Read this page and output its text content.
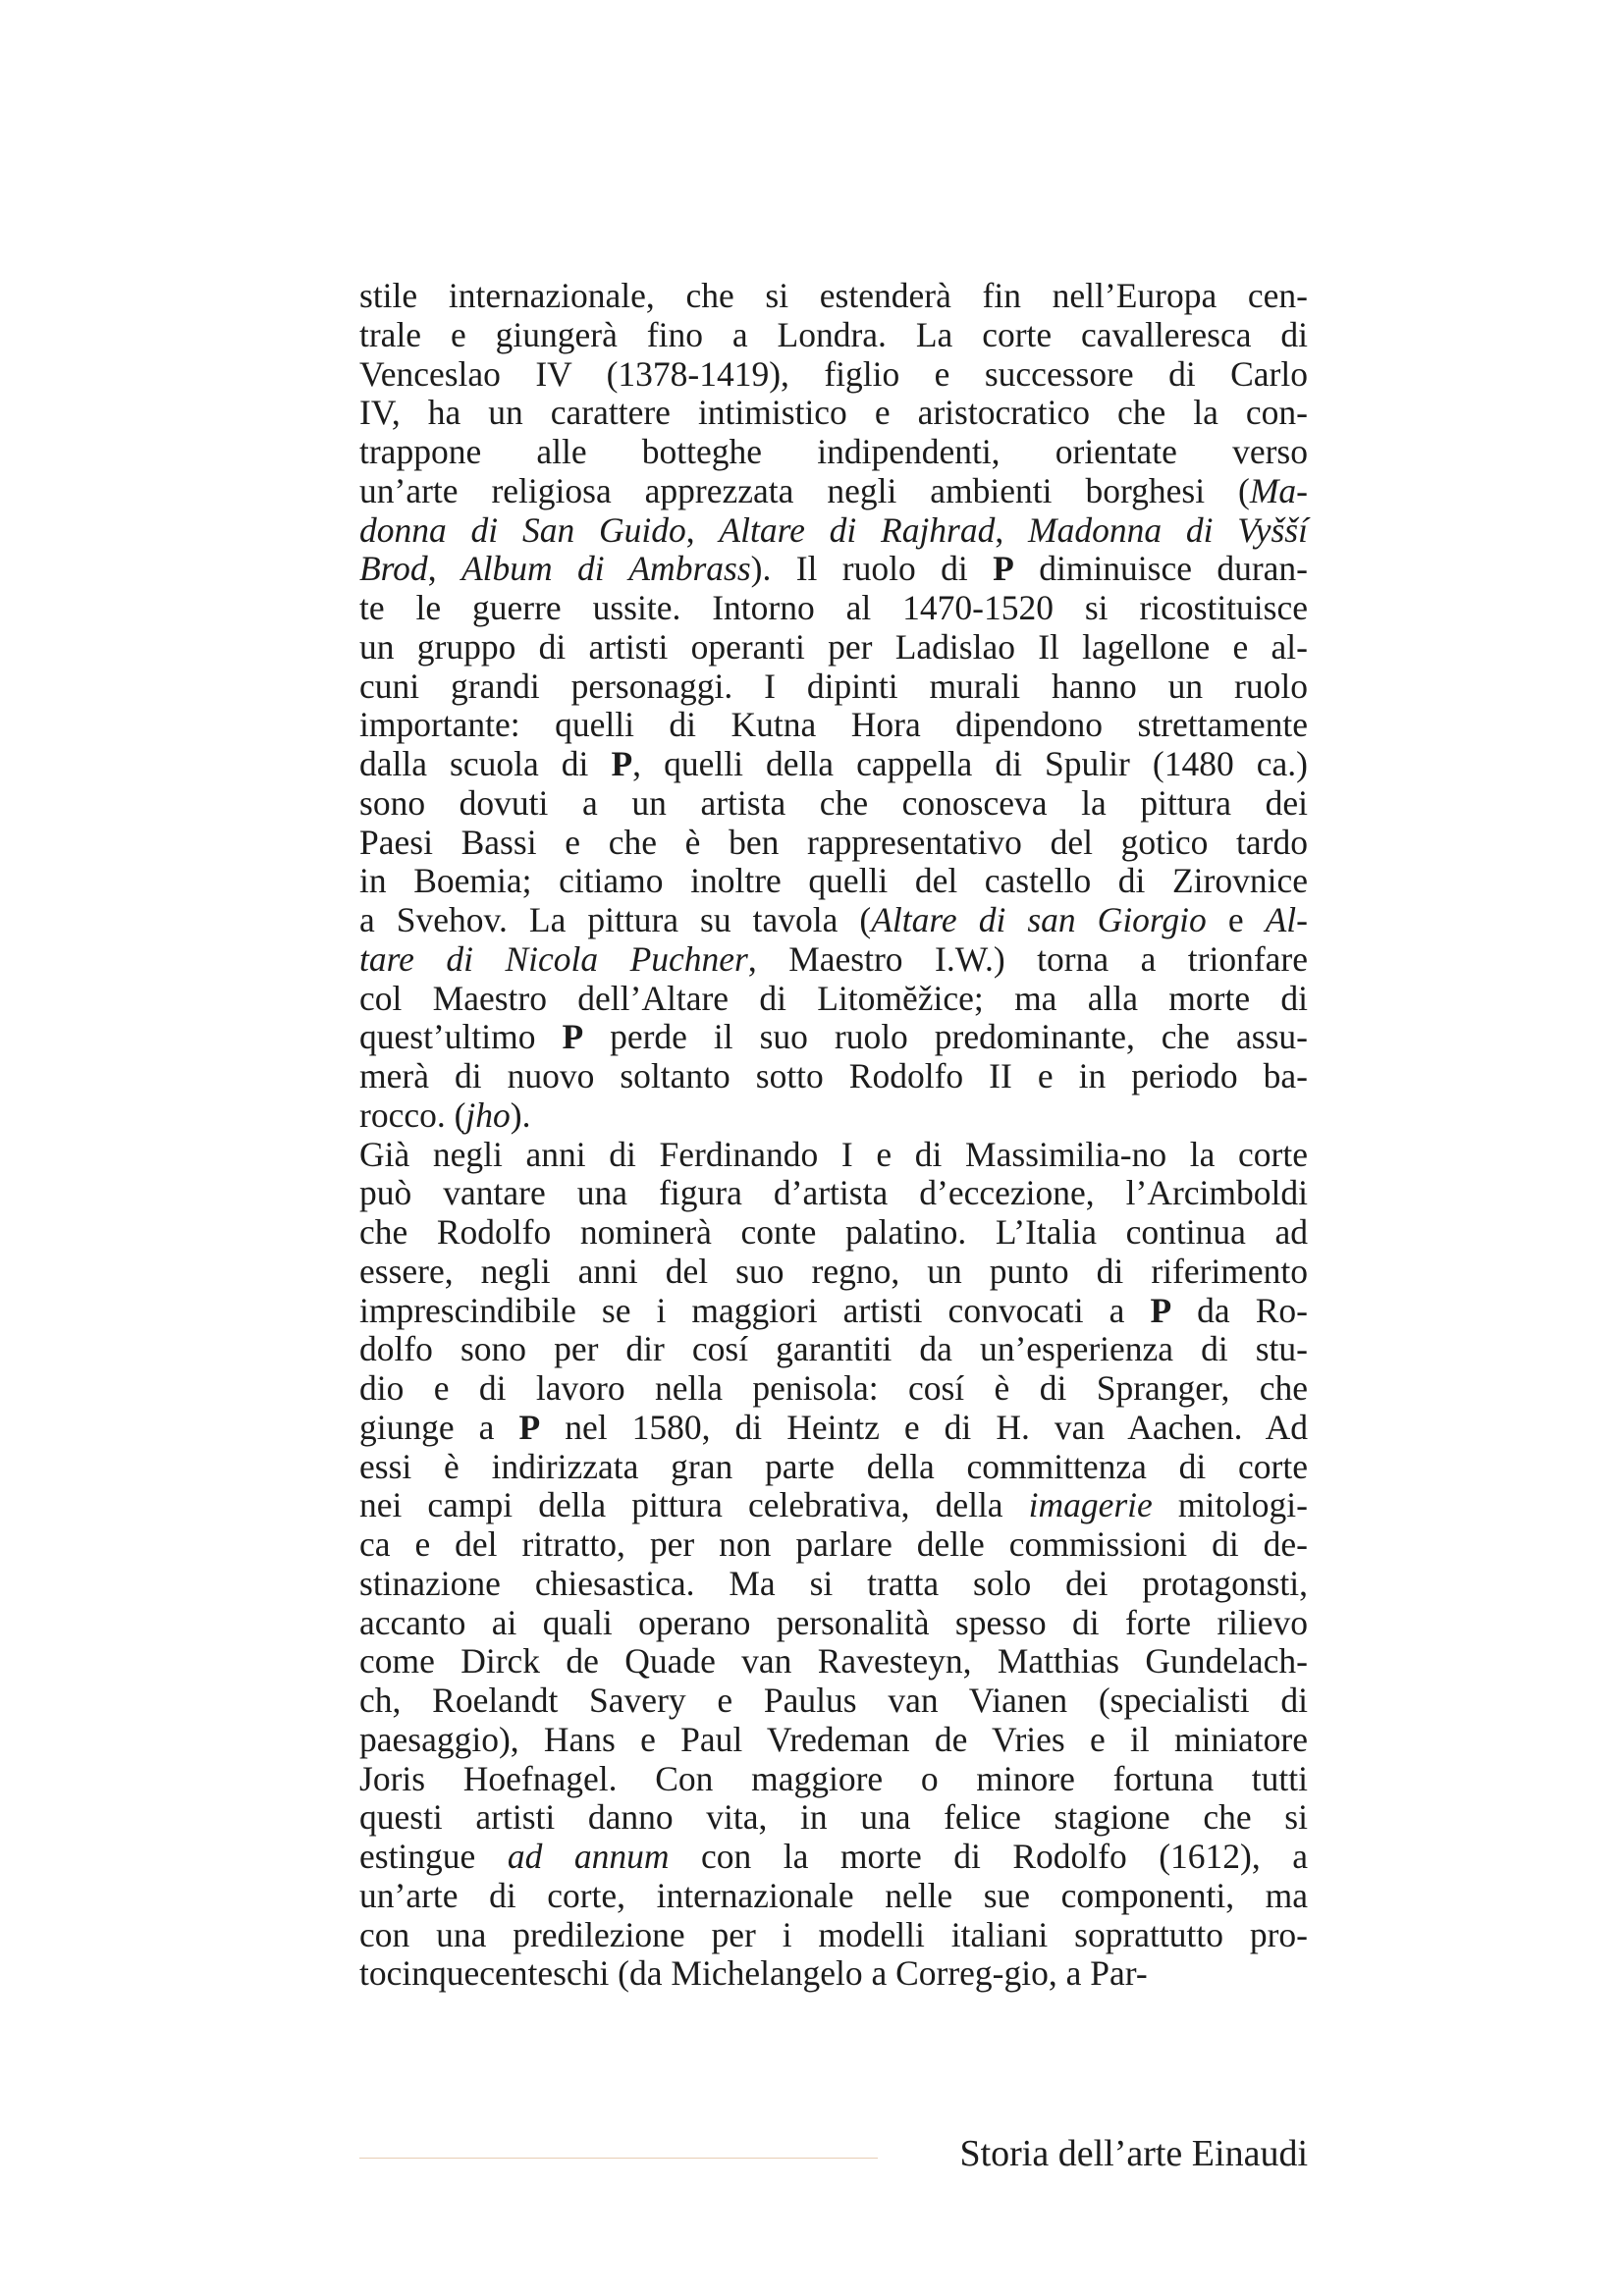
stile internazionale, che si estenderà fin nell’Europa cen-
trale e giungerà fino a Londra. La corte cavalleresca di
Venceslao IV (1378-1419), figlio e successore di Carlo
IV, ha un carattere intimistico e aristocratico che la con-
trappone alle botteghe indipendenti, orientate verso
un’arte religiosa apprezzata negli ambienti borghesi (Ma-
donna di San Guido, Altare di Rajhrad, Madonna di Vyšší
Brod, Album di Ambrass). Il ruolo di P diminuisce duran-
te le guerre ussite. Intorno al 1470-1520 si ricostituisce
un gruppo di artisti operanti per Ladislao Il lagellone e al-
cuni grandi personaggi. I dipinti murali hanno un ruolo
importante: quelli di Kutna Hora dipendono strettamente
dalla scuola di P, quelli della cappella di Spulir (1480 ca.)
sono dovuti a un artista che conosceva la pittura dei
Paesi Bassi e che è ben rappresentativo del gotico tardo
in Boemia; citiamo inoltre quelli del castello di Zirovnice
a Svehov. La pittura su tavola (Altare di san Giorgio e Al-
tare di Nicola Puchner, Maestro I.W.) torna a trionfare
col Maestro dell’Altare di Litomĕžice; ma alla morte di
quest’ultimo P perde il suo ruolo predominante, che assu-
merà di nuovo soltanto sotto Rodolfo II e in periodo ba-
rocco. (jho).
Già negli anni di Ferdinando I e di Massimilia-no la corte
può vantare una figura d’artista d’eccezione, l’Arcimboldi
che Rodolfo nominerà conte palatino. L’Italia continua ad
essere, negli anni del suo regno, un punto di riferimento
imprescindibile se i maggiori artisti convocati a P da Ro-
dolfo sono per dir cosí garantiti da un’esperienza di stu-
dio e di lavoro nella penisola: cosí è di Spranger, che
giunge a P nel 1580, di Heintz e di H. van Aachen. Ad
essi è indirizzata gran parte della committenza di corte
nei campi della pittura celebrativa, della imagerie mitologi-
ca e del ritratto, per non parlare delle commissioni di de-
stinazione chiesastica. Ma si tratta solo dei protagonsti,
accanto ai quali operano personalità spesso di forte rilievo
come Dirck de Quade van Ravesteyn, Matthias Gundelach-
ch, Roelandt Savery e Paulus van Vianen (specialisti di
paesaggio), Hans e Paul Vredeman de Vries e il miniatore
Joris Hoefnagel. Con maggiore o minore fortuna tutti
questi artisti danno vita, in una felice stagione che si
estingue ad annum con la morte di Rodolfo (1612), a
un’arte di corte, internazionale nelle sue componenti, ma
con una predilezione per i modelli italiani soprattutto pro-
tocinquecenteschi (da Michelangelo a Correg-gio, a Par-
Storia dell’arte Einaudi
